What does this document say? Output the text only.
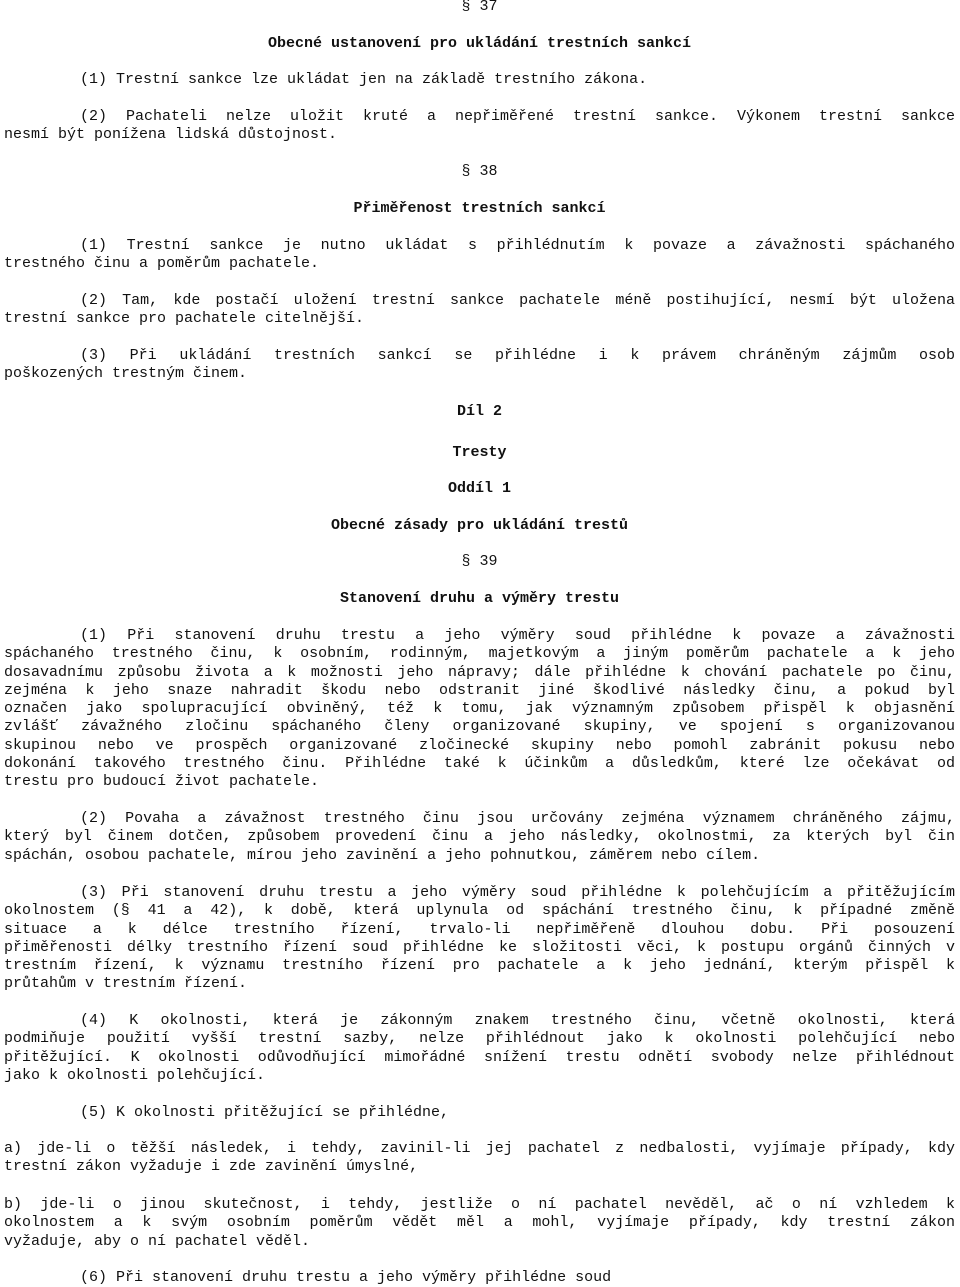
§ 37
Obecné ustanovení pro ukládání trestních sankcí
(1) Trestní sankce lze ukládat jen na základě trestního zákona.
(2) Pachateli nelze uložit kruté a nepřiměřené trestní sankce. Výkonem trestní sankce
nesmí být ponížena lidská důstojnost.
§ 38
Přiměřenost trestních sankcí
(1) Trestní sankce je nutno ukládat s přihlédnutím k povaze a závažnosti spáchaného
trestného činu a poměrům pachatele.
(2) Tam, kde postačí uložení trestní sankce pachatele méně postihující, nesmí být uložena
trestní sankce pro pachatele citelnější.
(3) Při ukládání trestních sankcí se přihlédne i k právem chráněným zájmům osob
poškozených trestným činem.
Díl 2
Tresty
Oddíl 1
Obecné zásady pro ukládání trestů
§ 39
Stanovení druhu a výměry trestu
(1) Při stanovení druhu trestu a jeho výměry soud přihlédne k povaze a závažnosti
spáchaného trestného činu, k osobním, rodinným, majetkovým a jiným poměrům pachatele a k jeho
dosavadnímu způsobu života a k možnosti jeho nápravy; dále přihlédne k chování pachatele po činu,
zejména k jeho snaze nahradit škodu nebo odstranit jiné škodlivé následky činu, a pokud byl
označen jako spolupracující obviněný, též k tomu, jak významným způsobem přispěl k objasnění
zvlášť závažného zločinu spáchaného členy organizované skupiny, ve spojení s organizovanou
skupinou nebo ve prospěch organizované zločinecké skupiny nebo pomohl zabránit pokusu nebo
dokonání takového trestného činu. Přihlédne také k účinkům a důsledkům, které lze očekávat od
trestu pro budoucí život pachatele.
(2) Povaha a závažnost trestného činu jsou určovány zejména významem chráněného zájmu,
který byl činem dotčen, způsobem provedení činu a jeho následky, okolnostmi, za kterých byl čin
spáchán, osobou pachatele, mírou jeho zavinění a jeho pohnutkou, záměrem nebo cílem.
(3) Při stanovení druhu trestu a jeho výměry soud přihlédne k polehčujícím a přitěžujícím
okolnostem (§ 41 a 42), k době, která uplynula od spáchání trestného činu, k případné změně
situace a k délce trestního řízení, trvalo-li nepřiměřeně dlouhou dobu. Při posouzení
přiměřenosti délky trestního řízení soud přihlédne ke složitosti věci, k postupu orgánů činných v
trestním řízení, k významu trestního řízení pro pachatele a k jeho jednání, kterým přispěl k
průtahům v trestním řízení.
(4) K okolnosti, která je zákonným znakem trestného činu, včetně okolnosti, která
podmiňuje použití vyšší trestní sazby, nelze přihlédnout jako k okolnosti polehčující nebo
přitěžující. K okolnosti odůvodňující mimořádné snížení trestu odnětí svobody nelze přihlédnout
jako k okolnosti polehčující.
(5) K okolnosti přitěžující se přihlédne,
a) jde-li o těžší následek, i tehdy, zavinil-li jej pachatel z nedbalosti, vyjímaje případy, kdy
trestní zákon vyžaduje i zde zavinění úmyslné,
b) jde-li o jinou skutečnost, i tehdy, jestliže o ní pachatel nevěděl, ač o ní vzhledem k
okolnostem a k svým osobním poměrům vědět měl a mohl, vyjímaje případy, kdy trestní zákon
vyžaduje, aby o ní pachatel věděl.
(6) Při stanovení druhu trestu a jeho výměry přihlédne soud
